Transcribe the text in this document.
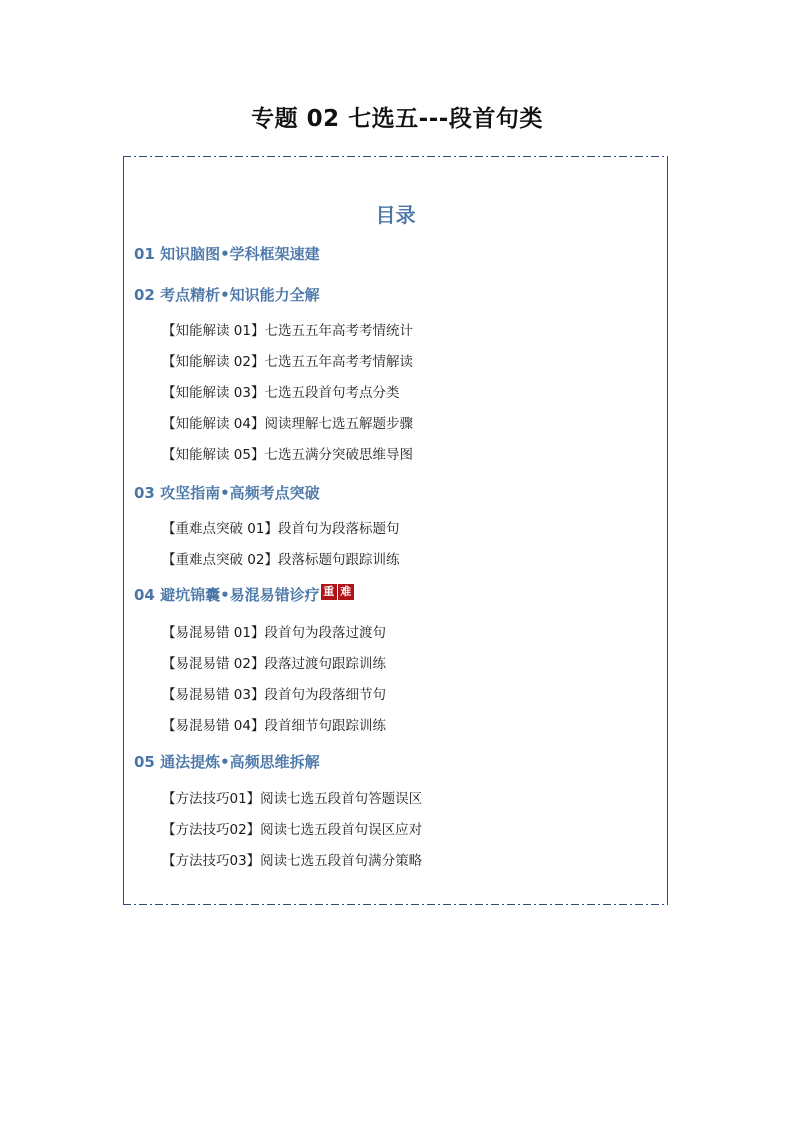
专题 02 七选五---段首句类
目录
01 知识脑图•学科框架速建
02 考点精析•知识能力全解
【知能解读 01】七选五五年高考考情统计
【知能解读 02】七选五五年高考考情解读
【知能解读 03】七选五段首句考点分类
【知能解读 04】阅读理解七选五解题步骤
【知能解读 05】七选五满分突破思维导图
03 攻坚指南•高频考点突破
【重难点突破 01】段首句为段落标题句
【重难点突破 02】段落标题句跟踪训练
04 避坑锦囊•易混易错诊疗 重 难
【易混易错 01】段首句为段落过渡句
【易混易错 02】段落过渡句跟踪训练
【易混易错 03】段首句为段落细节句
【易混易错 04】段首细节句跟踪训练
05 通法提炼•高频思维拆解
【方法技巧01】阅读七选五段首句答题误区
【方法技巧02】阅读七选五段首句误区应对
【方法技巧03】阅读七选五段首句满分策略
